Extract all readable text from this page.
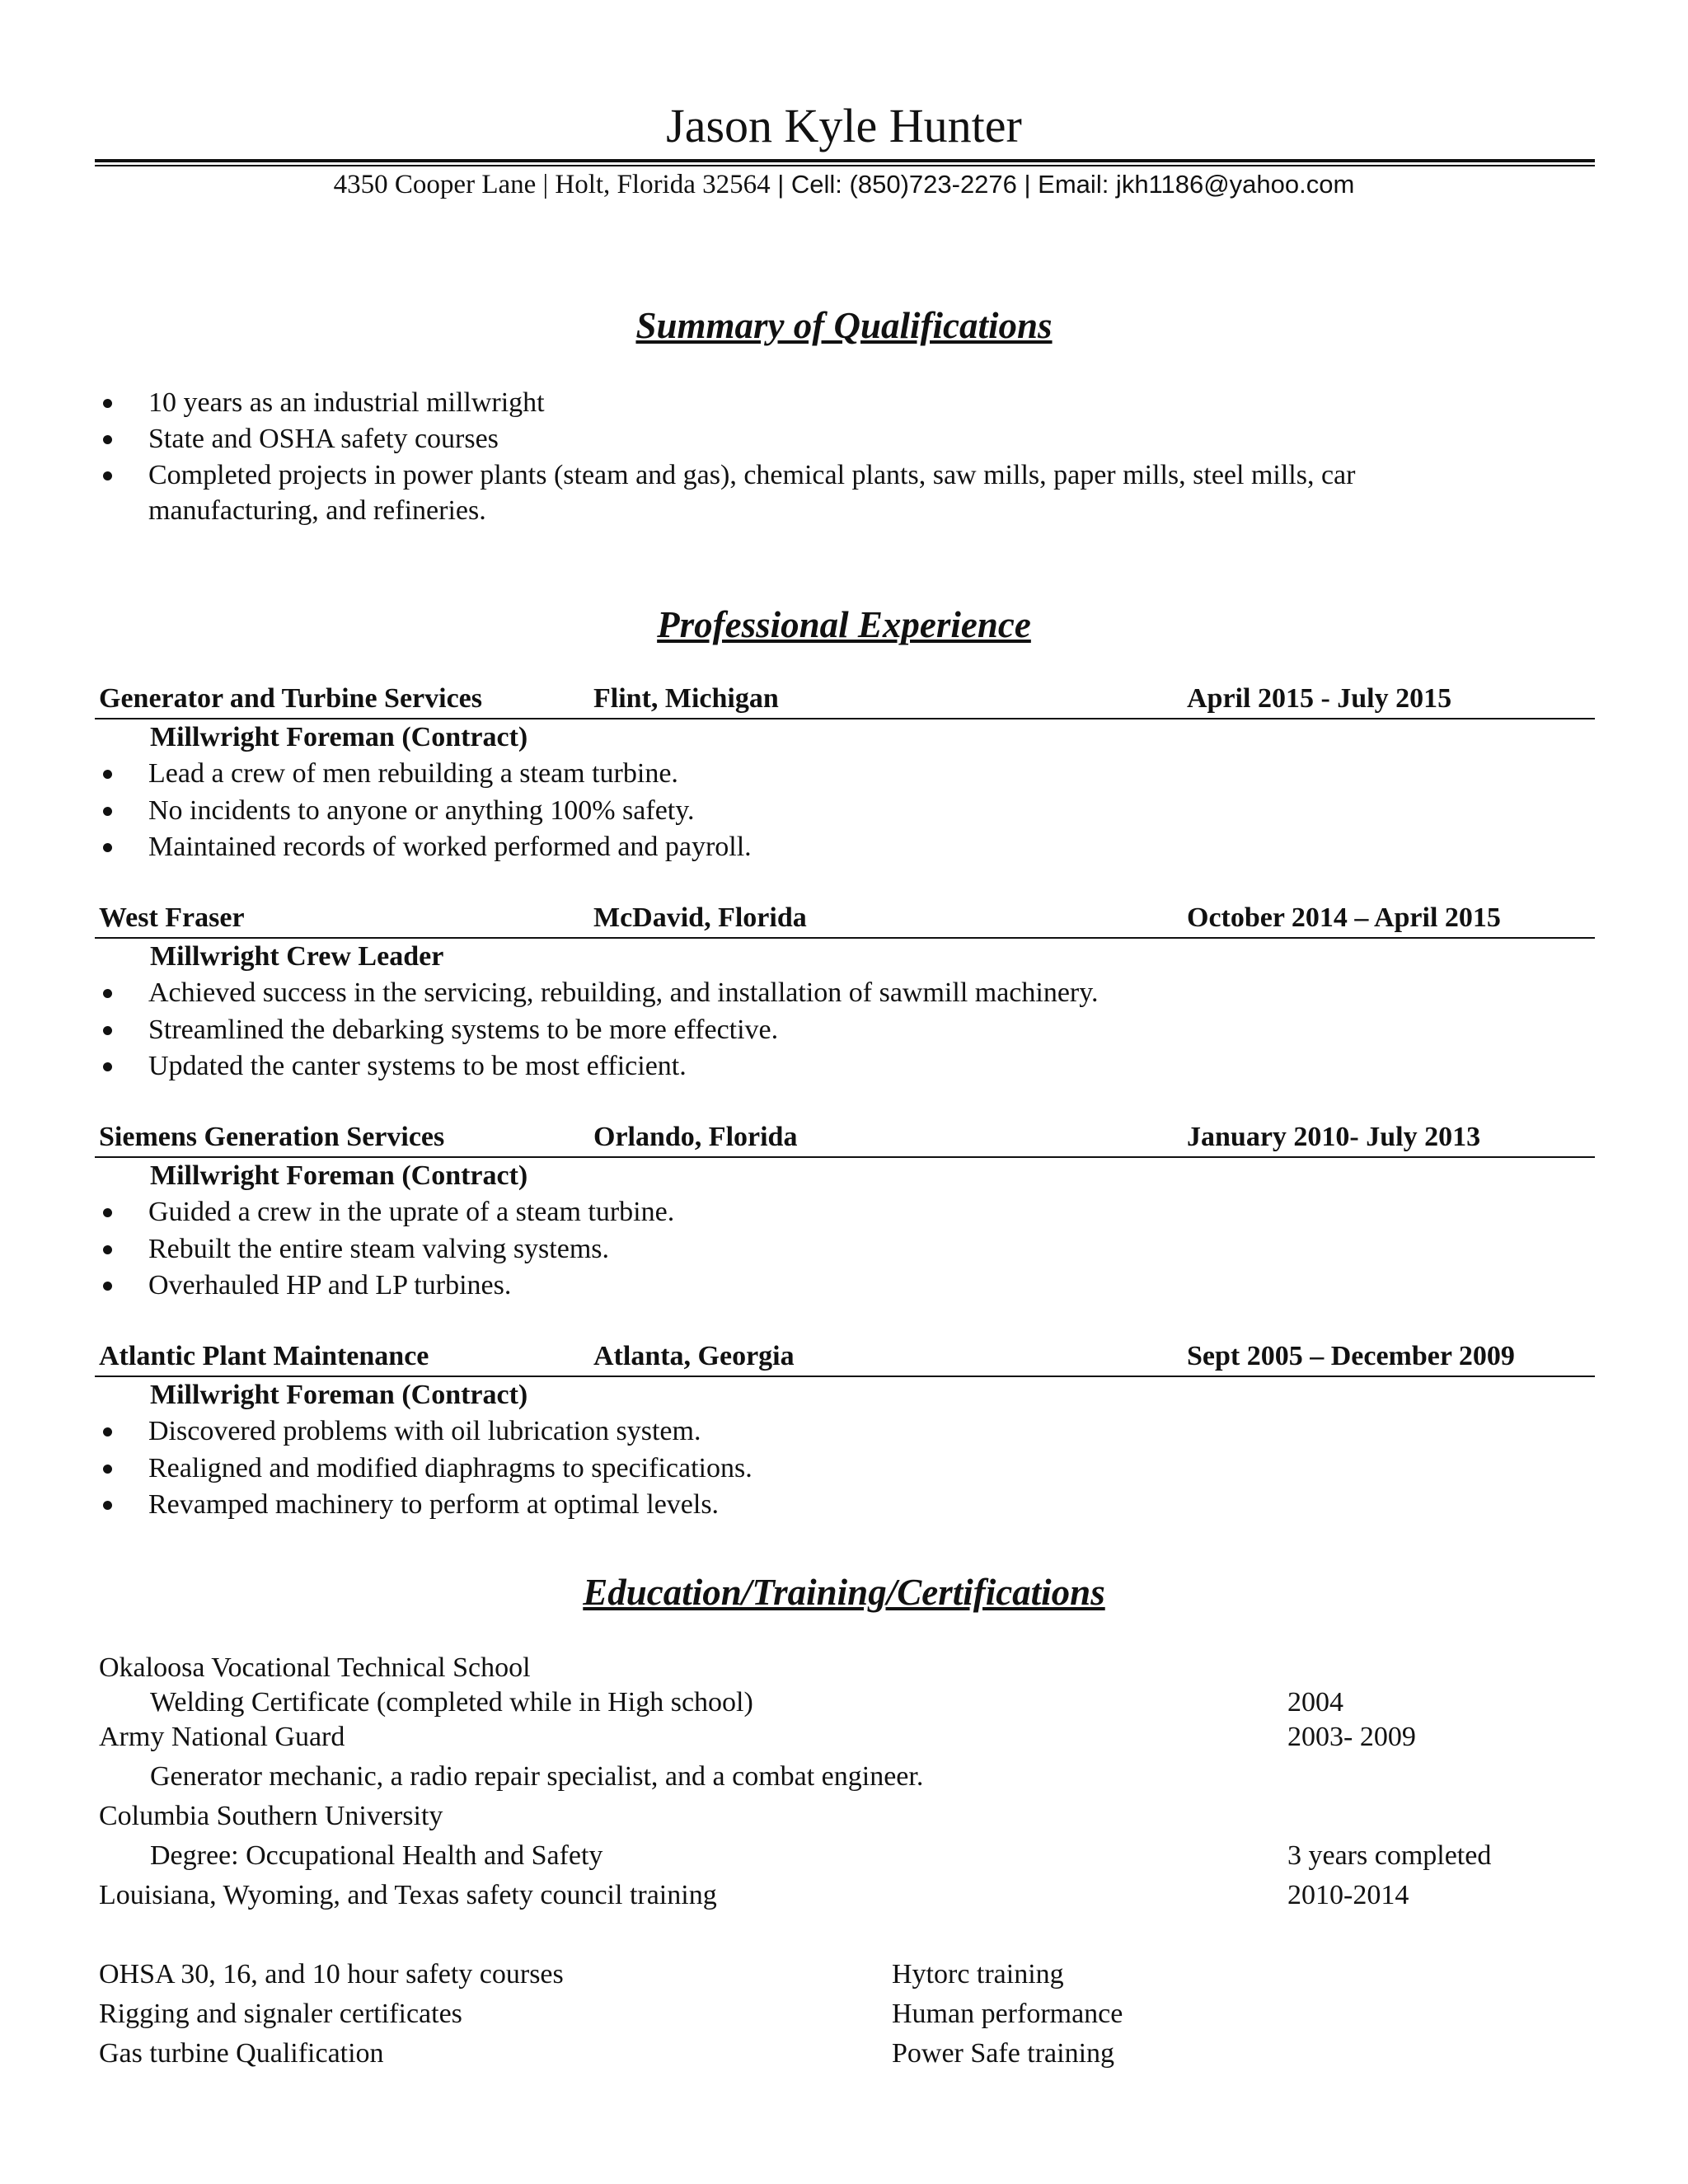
Jason Kyle Hunter
4350 Cooper Lane | Holt, Florida 32564 | Cell: (850)723-2276 | Email: jkh1186@yahoo.com
Summary of Qualifications
10 years as an industrial millwright
State and OSHA safety courses
Completed projects in power plants (steam and gas), chemical plants, saw mills, paper mills, steel mills, car
manufacturing, and refineries.
Professional Experience
Generator and Turbine Services	Flint, Michigan	April 2015 - July 2015
Millwright Foreman (Contract)
Lead a crew of men rebuilding a steam turbine.
No incidents to anyone or anything 100% safety.
Maintained records of worked performed and payroll.
West Fraser	McDavid, Florida	October 2014 – April 2015
Millwright Crew Leader
Achieved success in the servicing, rebuilding, and installation of sawmill machinery.
Streamlined the debarking systems to be more effective.
Updated the canter systems to be most efficient.
Siemens Generation Services	Orlando, Florida	January 2010- July 2013
Millwright Foreman (Contract)
Guided a crew in the uprate of a steam turbine.
Rebuilt the entire steam valving systems.
Overhauled HP and LP turbines.
Atlantic Plant Maintenance	Atlanta, Georgia	Sept 2005 – December 2009
Millwright Foreman (Contract)
Discovered problems with oil lubrication system.
Realigned and modified diaphragms to specifications.
Revamped machinery to perform at optimal levels.
Education/Training/Certifications
Okaloosa Vocational Technical School
Welding Certificate (completed while in High school)	2004
Army National Guard	2003- 2009
Generator mechanic, a radio repair specialist, and a combat engineer.
Columbia Southern University
Degree: Occupational Health and Safety	3 years completed
Louisiana, Wyoming, and Texas safety council training	2010-2014
OHSA 30, 16, and 10 hour safety courses	Hytorc training
Rigging and signaler certificates	Human performance
Gas turbine Qualification	Power Safe training
